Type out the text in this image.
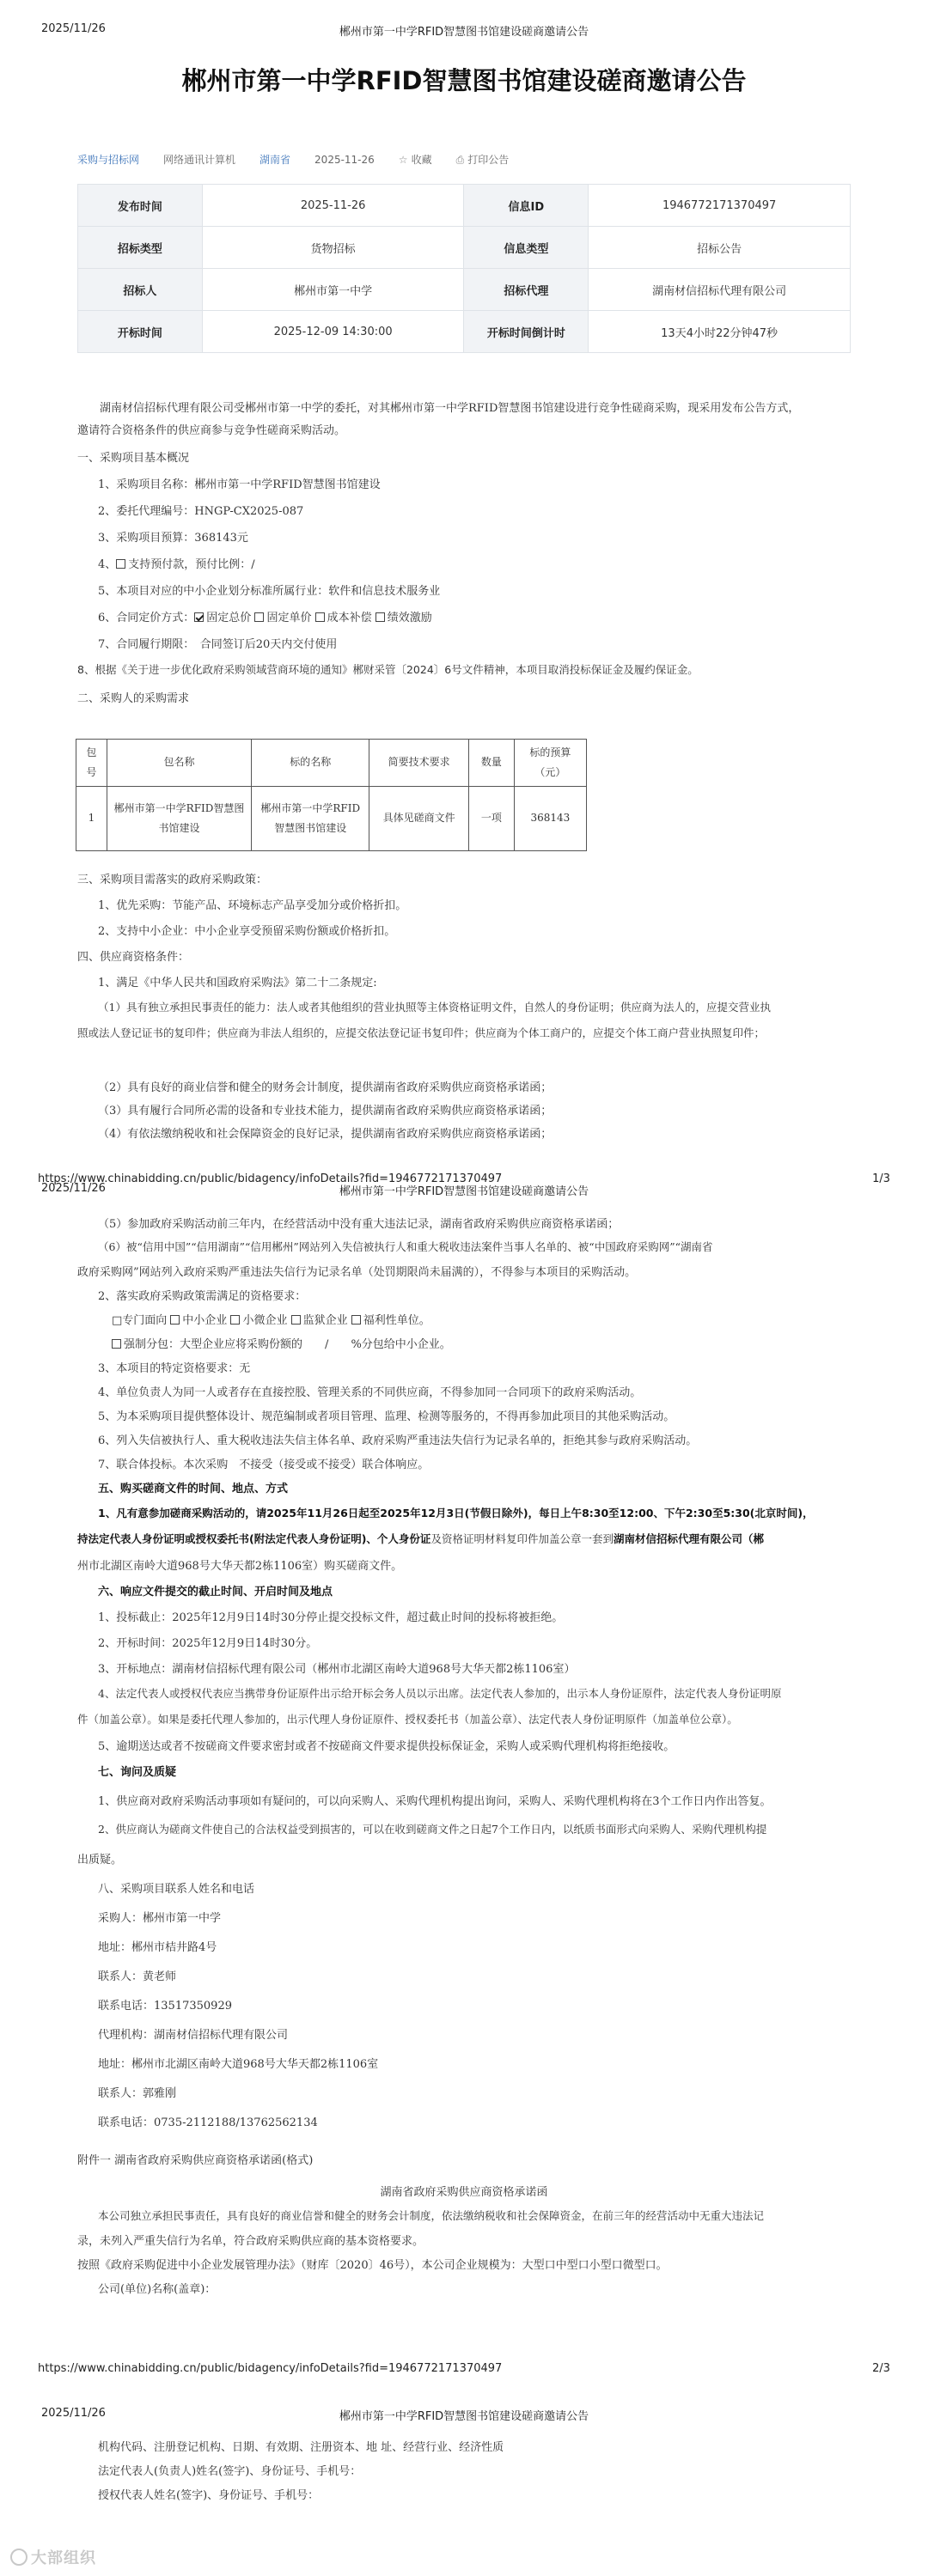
2025/11/26	郴州市第一中学RFID智慧图书馆建设磋商邀请公告
2025/11/26	郴州市第一中学RFID智慧图书馆建设磋商邀请公告
2025/11/26	郴州市第一中学RFID智慧图书馆建设磋商邀请公告
郴州市第一中学RFID智慧图书馆建设磋商邀请公告
采购与招标网 网络通讯计算机 湖南省 2025-11-26 ☆ 收藏 ⎙ 打印公告
发布时间	2025-11-26	信息ID	1946772171370497
招标类型	货物招标	信息类型	招标公告
招标人	郴州市第一中学	招标代理	湖南材信招标代理有限公司
开标时间	2025-12-09 14:30:00	开标时间倒计时	13天4小时22分钟47秒
湖南材信招标代理有限公司受郴州市第一中学的委托，对其郴州市第一中学RFID智慧图书馆建设进行竞争性磋商采购，现采用发布公告方式，
邀请符合资格条件的供应商参与竞争性磋商采购活动。
一、采购项目基本概况
1、采购项目名称：郴州市第一中学RFID智慧图书馆建设
2、委托代理编号：HNGP-CX2025-087
3、采购项目预算：368143元
4、 支持预付款，预付比例：/
5、本项目对应的中小企业划分标准所属行业：软件和信息技术服务业
6、合同定价方式： 固定总价 固定单价 成本补偿 绩效激励
7、合同履行期限：　合同签订后20天内交付使用
8、根据《关于进一步优化政府采购领域营商环境的通知》郴财采管〔2024〕6号文件精神，本项目取消投标保证金及履约保证金。
二、采购人的采购需求
包号	包名称	标的名称	简要技术要求	数量	标的预算（元）
1	郴州市第一中学RFID智慧图书馆建设	郴州市第一中学RFID智慧图书馆建设	具体见磋商文件	一项	368143
三、采购项目需落实的政府采购政策：
1、优先采购：节能产品、环境标志产品享受加分或价格折扣。
2、支持中小企业：中小企业享受预留采购份额或价格折扣。
四、供应商资格条件：
1、满足《中华人民共和国政府采购法》第二十二条规定:
（1）具有独立承担民事责任的能力：法人或者其他组织的营业执照等主体资格证明文件，自然人的身份证明；供应商为法人的，应提交营业执
照或法人登记证书的复印件；供应商为非法人组织的，应提交依法登记证书复印件；供应商为个体工商户的，应提交个体工商户营业执照复印件；
（2）具有良好的商业信誉和健全的财务会计制度，提供湖南省政府采购供应商资格承诺函；
（3）具有履行合同所必需的设备和专业技术能力，提供湖南省政府采购供应商资格承诺函；
（4）有依法缴纳税收和社会保障资金的良好记录，提供湖南省政府采购供应商资格承诺函；
https://www.chinabidding.cn/public/bidagency/infoDetails?fid=1946772171370497	1/3
（5）参加政府采购活动前三年内，在经营活动中没有重大违法记录，湖南省政府采购供应商资格承诺函；
（6）被“信用中国”“信用湖南”“信用郴州”网站列入失信被执行人和重大税收违法案件当事人名单的、被“中国政府采购网”“湖南省
政府采购网”网站列入政府采购严重违法失信行为记录名单（处罚期限尚未届满的），不得参与本项目的采购活动。
2、落实政府采购政策需满足的资格要求：
□专门面向 中小企业 小微企业 监狱企业 福利性单位。
强制分包：大型企业应将采购份额的　　 /　　 %分包给中小企业。
3、本项目的特定资格要求：无
4、单位负责人为同一人或者存在直接控股、管理关系的不同供应商，不得参加同一合同项下的政府采购活动。
5、为本采购项目提供整体设计、规范编制或者项目管理、监理、检测等服务的，不得再参加此项目的其他采购活动。
6、列入失信被执行人、重大税收违法失信主体名单、政府采购严重违法失信行为记录名单的，拒绝其参与政府采购活动。
7、联合体投标。本次采购　不接受（接受或不接受）联合体响应。
五、购买磋商文件的时间、地点、方式
1、凡有意参加磋商采购活动的，请2025年11月26日起至2025年12月3日(节假日除外)，每日上午8:30至12:00、下午2:30至5:30(北京时间)，
持法定代表人身份证明或授权委托书(附法定代表人身份证明)、个人身份证及资格证明材料复印件加盖公章一套到湖南材信招标代理有限公司（郴
州市北湖区南岭大道968号大华天都2栋1106室）购买磋商文件。
六、响应文件提交的截止时间、开启时间及地点
1、投标截止：2025年12月9日14时30分停止提交投标文件，超过截止时间的投标将被拒绝。
2、开标时间：2025年12月9日14时30分。
3、开标地点：湖南材信招标代理有限公司（郴州市北湖区南岭大道968号大华天都2栋1106室）
4、法定代表人或授权代表应当携带身份证原件出示给开标会务人员以示出席。法定代表人参加的，出示本人身份证原件，法定代表人身份证明原
件（加盖公章）。如果是委托代理人参加的，出示代理人身份证原件、授权委托书（加盖公章）、法定代表人身份证明原件（加盖单位公章）。
5、逾期送达或者不按磋商文件要求密封或者不按磋商文件要求提供投标保证金，采购人或采购代理机构将拒绝接收。
七、询问及质疑
1、供应商对政府采购活动事项如有疑问的，可以向采购人、采购代理机构提出询问，采购人、采购代理机构将在3个工作日内作出答复。
2、供应商认为磋商文件使自己的合法权益受到损害的，可以在收到磋商文件之日起7个工作日内，以纸质书面形式向采购人、采购代理机构提
出质疑。
八、采购项目联系人姓名和电话
采购人：郴州市第一中学
地址：郴州市桔井路4号
联系人：黄老师
联系电话：13517350929
代理机构：湖南材信招标代理有限公司
地址：郴州市北湖区南岭大道968号大华天都2栋1106室
联系人：郭雅刚
联系电话：0735-2112188/13762562134
附件一 湖南省政府采购供应商资格承诺函(格式)
湖南省政府采购供应商资格承诺函
本公司独立承担民事责任，具有良好的商业信誉和健全的财务会计制度，依法缴纳税收和社会保障资金，在前三年的经营活动中无重大违法记
录，未列入严重失信行为名单，符合政府采购供应商的基本资格要求。
按照《政府采购促进中小企业发展管理办法》（财库〔2020〕46号），本公司企业规模为：大型口中型口小型口微型口。
公司(单位)名称(盖章)：
https://www.chinabidding.cn/public/bidagency/infoDetails?fid=1946772171370497	2/3
机构代码、注册登记机构、日期、有效期、注册资本、地 址、经营行业、经济性质
法定代表人(负责人)姓名(签字)、身份证号、手机号：
授权代表人姓名(签字)、身份证号、手机号：
大部组织
